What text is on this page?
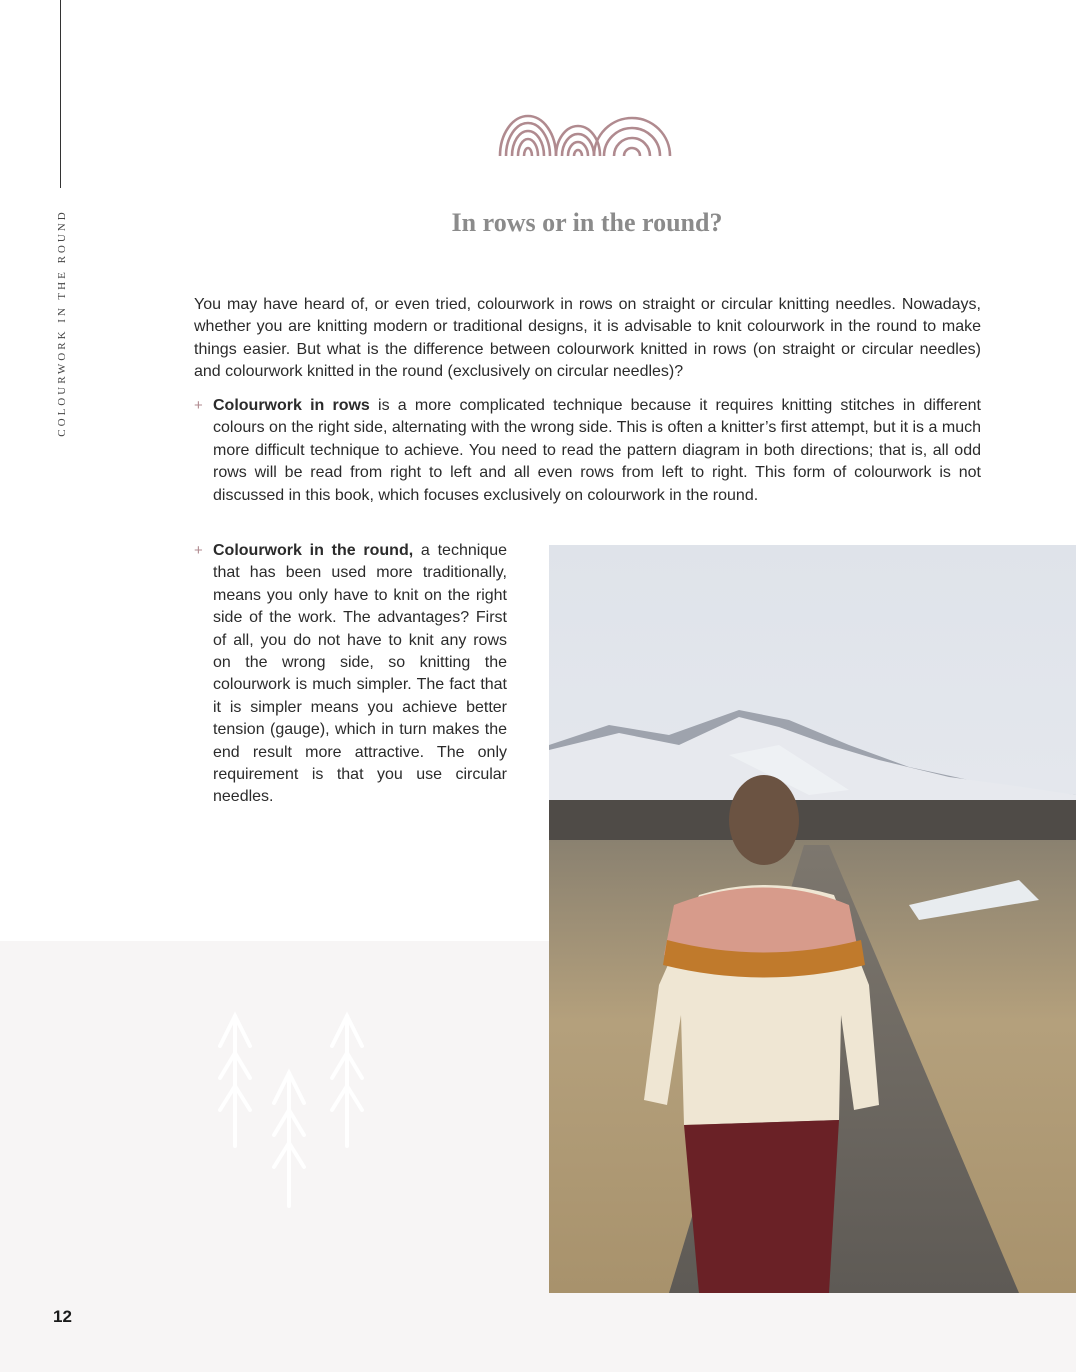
COLOURWORK IN THE ROUND	In rows or in the round?

You may have heard of, or even tried, colourwork in rows on straight or circular knitting needles. Nowadays, whether you are knitting modern or traditional designs, it is advisable to knit colourwork in the round to make things easier. But what is the difference between colourwork knitted in rows (on straight or circular needles) and colourwork knitted in the round (exclusively on circular needles)?

+ Colourwork in rows is a more complicated technique because it requires knitting stitches in different colours on the right side, alternating with the wrong side. This is often a knitter’s first attempt, but it is a much more difficult technique to achieve. You need to read the pattern diagram in both directions; that is, all odd rows will be read from right to left and all even rows from left to right. This form of colourwork is not discussed in this book, which focuses exclusively on colourwork in the round.

+ Colourwork in the round, a technique that has been used more traditionally, means you only have to knit on the right side of the work. The advantages? First of all, you do not have to knit any rows on the wrong side, so knitting the colourwork is much simpler. The fact that it is simpler means you achieve better tension (gauge), which in turn makes the end result more attractive. The only requirement is that you use circular needles.

12
